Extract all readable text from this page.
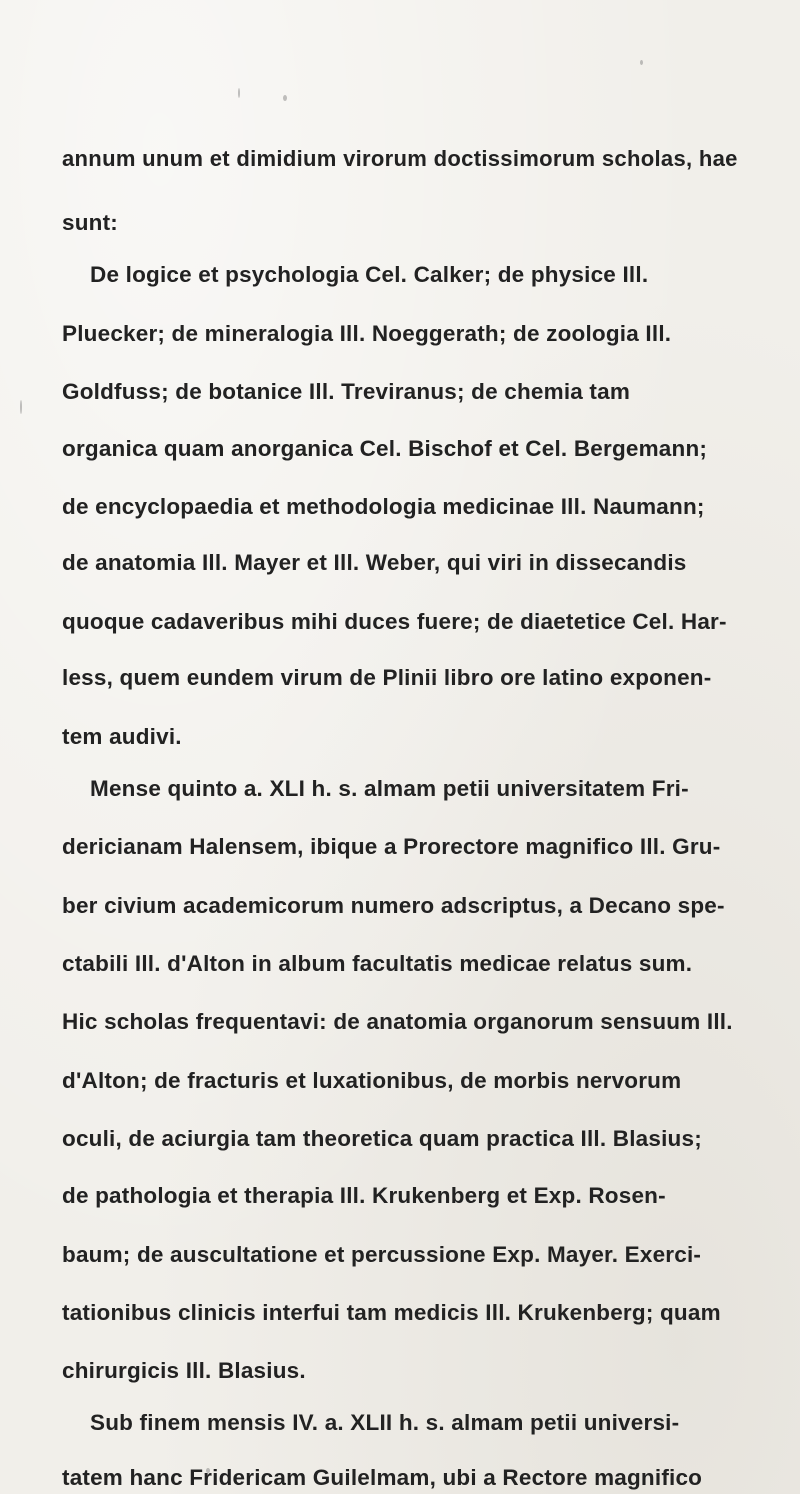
annum unum et dimidium virorum doctissimorum scholas, hae
sunt:
De logice et psychologia Cel. Calker; de physice Ill.
Pluecker; de mineralogia Ill. Noeggerath; de zoologia Ill.
Goldfuss; de botanice Ill. Treviranus; de chemia tam
organica quam anorganica Cel. Bischof et Cel. Bergemann;
de encyclopaedia et methodologia medicinae Ill. Naumann;
de anatomia Ill. Mayer et Ill. Weber, qui viri in dissecandis
quoque cadaveribus mihi duces fuere; de diaetetice Cel. Har-
less, quem eundem virum de Plinii libro ore latino exponen-
tem audivi.
Mense quinto a. XLI h. s. almam petii universitatem Fri-
dericianam Halensem, ibique a Prorectore magnifico Ill. Gru-
ber civium academicorum numero adscriptus, a Decano spe-
ctabili Ill. d'Alton in album facultatis medicae relatus sum.
Hic scholas frequentavi: de anatomia organorum sensuum Ill.
d'Alton; de fracturis et luxationibus, de morbis nervorum
oculi, de aciurgia tam theoretica quam practica Ill. Blasius;
de pathologia et therapia Ill. Krukenberg et Exp. Rosen-
baum; de auscultatione et percussione Exp. Mayer. Exerci-
tationibus clinicis interfui tam medicis Ill. Krukenberg; quam
chirurgicis Ill. Blasius.
Sub finem mensis IV. a. XLII h. s. almam petii universi-
tatem hanc Fridericam Guilelmam, ubi a Rectore magnifico
